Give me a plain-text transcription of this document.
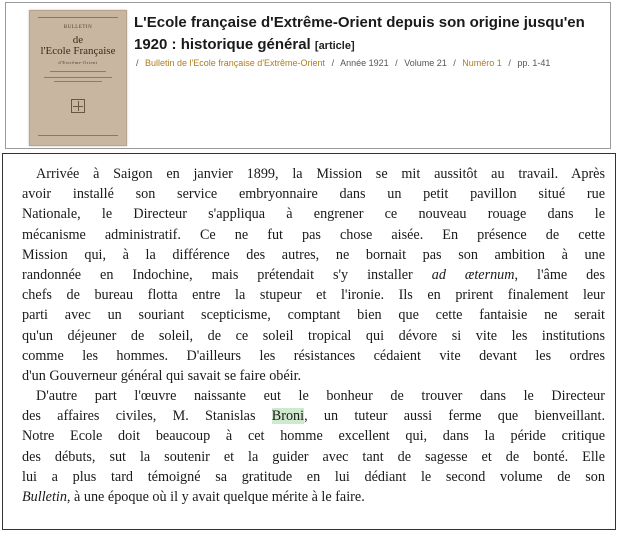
BULLETIN
de
l'Ecole Française
d'Extrême-Orient
L'Ecole française d'Extrême-Orient depuis son origine jusqu'en 1920 : historique général [article]
/ Bulletin de l'Ecole française d'Extrême-Orient / Année 1921 / Volume 21 / Numéro 1 / pp. 1-41
Arrivée à Saigon en janvier 1899, la Mission se mit aussitôt au travail. Après
avoir installé son service embryonnaire dans un petit pavillon situé rue
Nationale, le Directeur s'appliqua à engrener ce nouveau rouage dans le
mécanisme administratif. Ce ne fut pas chose aisée. En présence de cette
Mission qui, à la différence des autres, ne bornait pas son ambition à une
randonnée en Indochine, mais prétendait s'y installer ad æternum, l'âme des
chefs de bureau flotta entre la stupeur et l'ironie. Ils en prirent finalement leur
parti avec un souriant scepticisme, comptant bien que cette fantaisie ne serait
qu'un déjeuner de soleil, de ce soleil tropical qui dévore si vite les institutions
comme les hommes. D'ailleurs les résistances cédaient vite devant les ordres
d'un Gouverneur général qui savait se faire obéir.
D'autre part l'œuvre naissante eut le bonheur de trouver dans le Directeur
des affaires civiles, M. Stanislas Broni, un tuteur aussi ferme que bienveillant.
Notre Ecole doit beaucoup à cet homme excellent qui, dans la péride critique
des débuts, sut la soutenir et la guider avec tant de sagesse et de bonté. Elle
lui a plus tard témoigné sa gratitude en lui dédiant le second volume de son
Bulletin, à une époque où il y avait quelque mérite à le faire.
